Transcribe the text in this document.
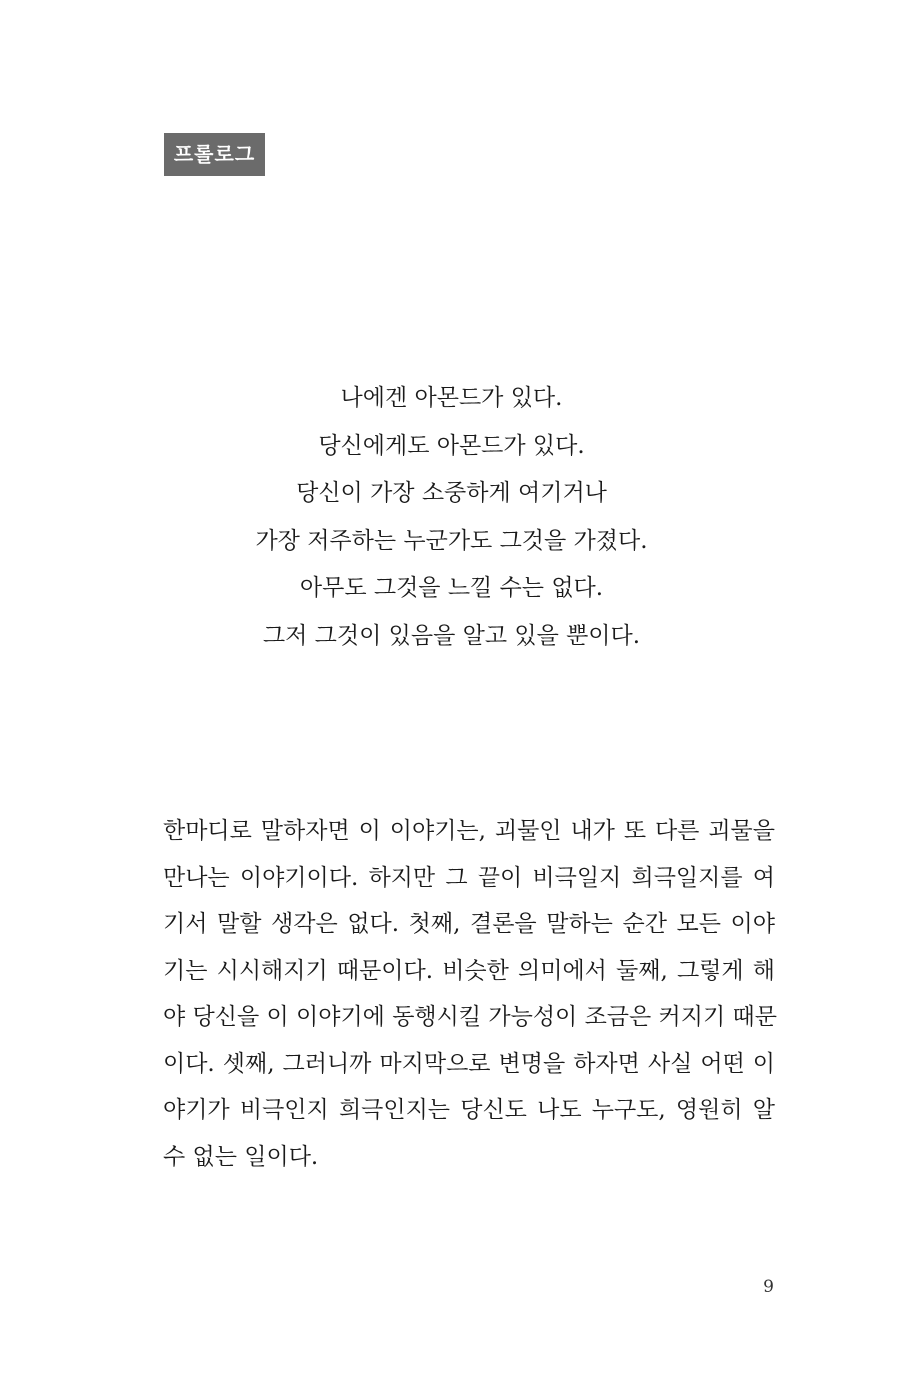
프롤로그
나에겐 아몬드가 있다.
당신에게도 아몬드가 있다.
당신이 가장 소중하게 여기거나
가장 저주하는 누군가도 그것을 가졌다.
아무도 그것을 느낄 수는 없다.
그저 그것이 있음을 알고 있을 뿐이다.
한마디로 말하자면 이 이야기는, 괴물인 내가 또 다른 괴물을
만나는 이야기이다. 하지만 그 끝이 비극일지 희극일지를 여
기서 말할 생각은 없다. 첫째, 결론을 말하는 순간 모든 이야
기는 시시해지기 때문이다. 비슷한 의미에서 둘째, 그렇게 해
야 당신을 이 이야기에 동행시킬 가능성이 조금은 커지기 때문
이다. 셋째, 그러니까 마지막으로 변명을 하자면 사실 어떤 이
야기가 비극인지 희극인지는 당신도 나도 누구도, 영원히 알
수 없는 일이다.
9
